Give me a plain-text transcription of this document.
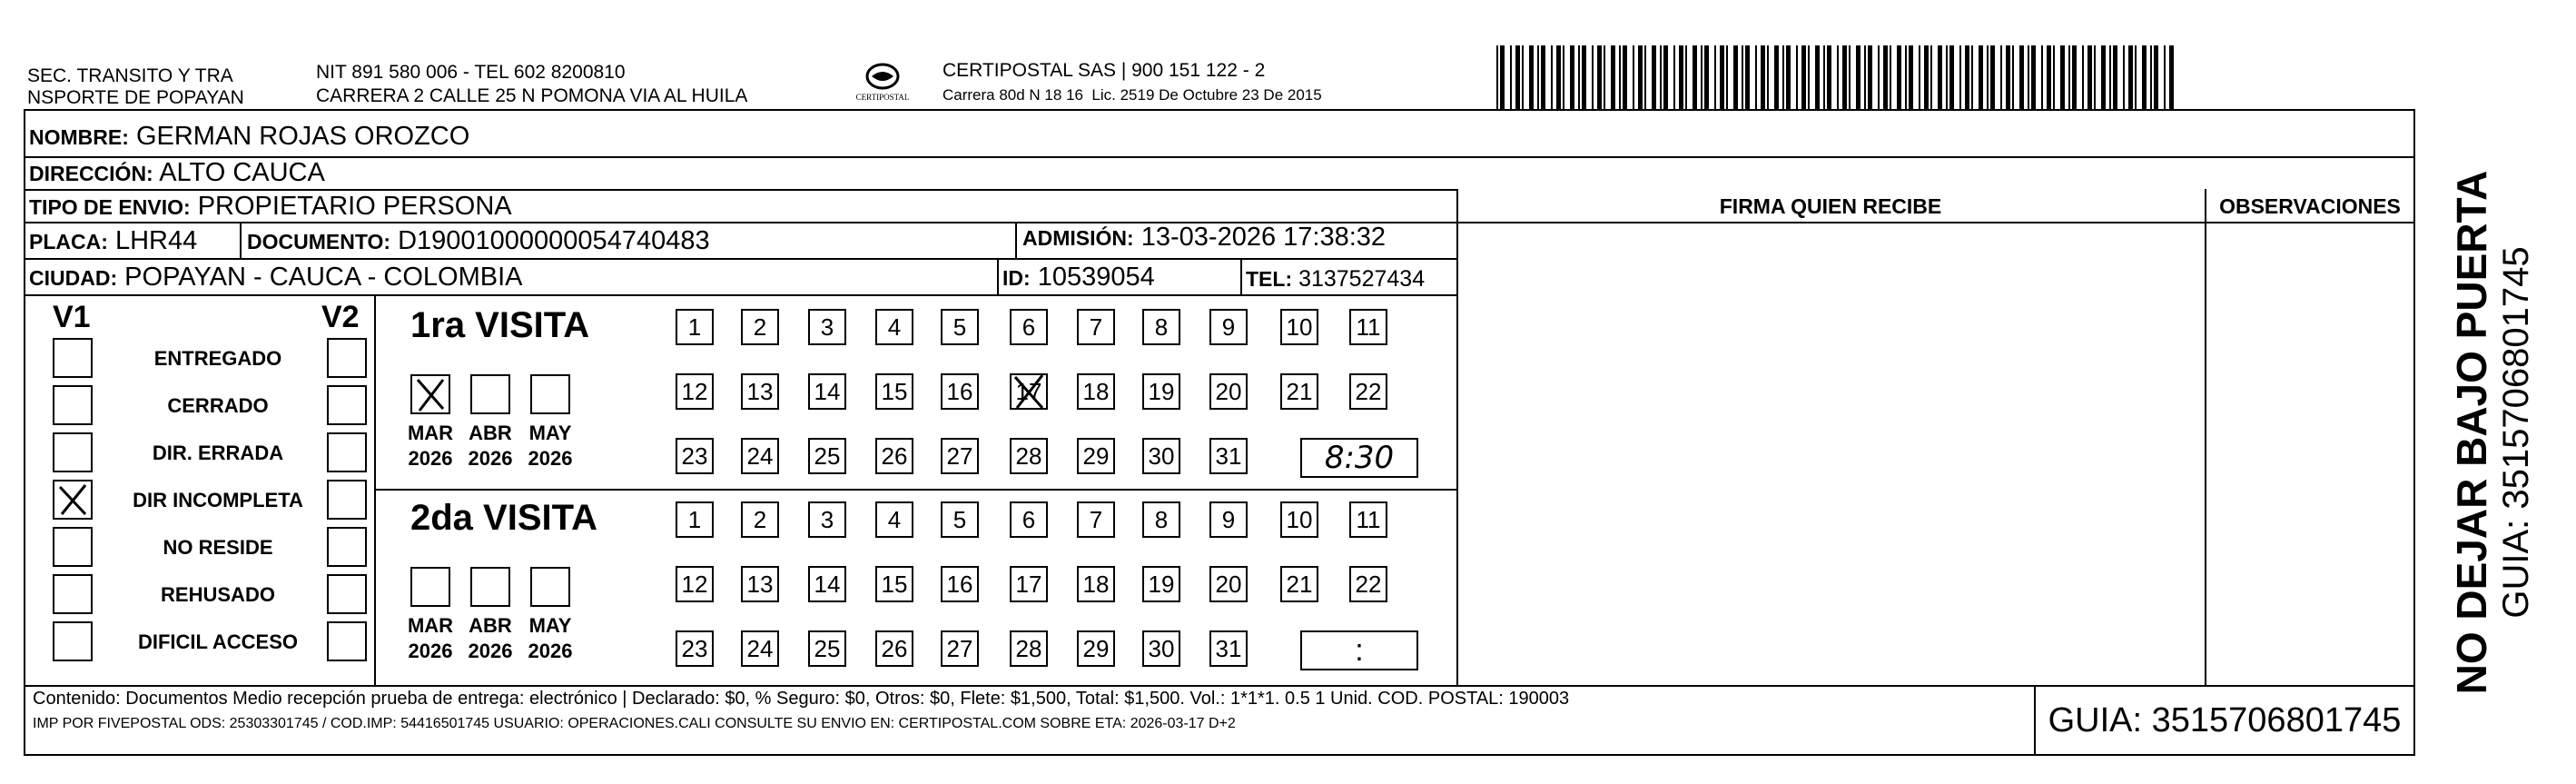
SEC. TRANSITO Y TRA
NSPORTE DE POPAYAN
NIT 891 580 006 - TEL 602 8200810
CARRERA 2 CALLE 25 N POMONA VIA AL HUILA	CERTIPOSTAL
CERTIPOSTAL SAS | 900 151 122 - 2
Carrera 80d N 18 16  Lic. 2519 De Octubre 23 De 2015
NO DEJAR BAJO PUERTA GUIA: 3515706801745
NOMBRE: GERMAN ROJAS OROZCO
DIRECCIÓN: ALTO CAUCA
TIPO DE ENVIO: PROPIETARIO PERSONA	FIRMA QUIEN RECIBE	OBSERVACIONES
PLACA: LHR44 DOCUMENTO: D19001000000054740483	ADMISIÓN: 13-03-2026 17:38:32
CIUDAD: POPAYAN - CAUCA - COLOMBIA	ID: 10539054	TEL: 3137527434
V1	V2
ENTREGADO
CERRADO
DIR. ERRADA
DIR INCOMPLETA
NO RESIDE
REHUSADO
DIFICIL ACCESO
1ra VISITA
MAR
2026
ABR
2026
MAY
2026
1	2	3	4	5	6	7	8	9	10 11
12 13 14 15 16 17 18 19 20 21 22
23 24 25 26 27 28 29 30 31	8:30
2da VISITA
MAR
2026
ABR
2026
MAY
2026
1	2	3	4	5	6	7	8	9	10 11
12 13 14 15 16 17 18 19 20 21 22
23 24 25 26 27 28 29 30 31	:
Contenido: Documentos Medio recepción prueba de entrega: electrónico | Declarado: $0, % Seguro: $0, Otros: $0, Flete: $1,500, Total: $1,500. Vol.: 1*1*1. 0.5 1 Unid. COD. POSTAL: 190003
IMP POR FIVEPOSTAL ODS: 25303301745 / COD.IMP: 54416501745 USUARIO: OPERACIONES.CALI CONSULTE SU ENVIO EN: CERTIPOSTAL.COM SOBRE ETA: 2026-03-17 D+2	GUIA: 3515706801745
